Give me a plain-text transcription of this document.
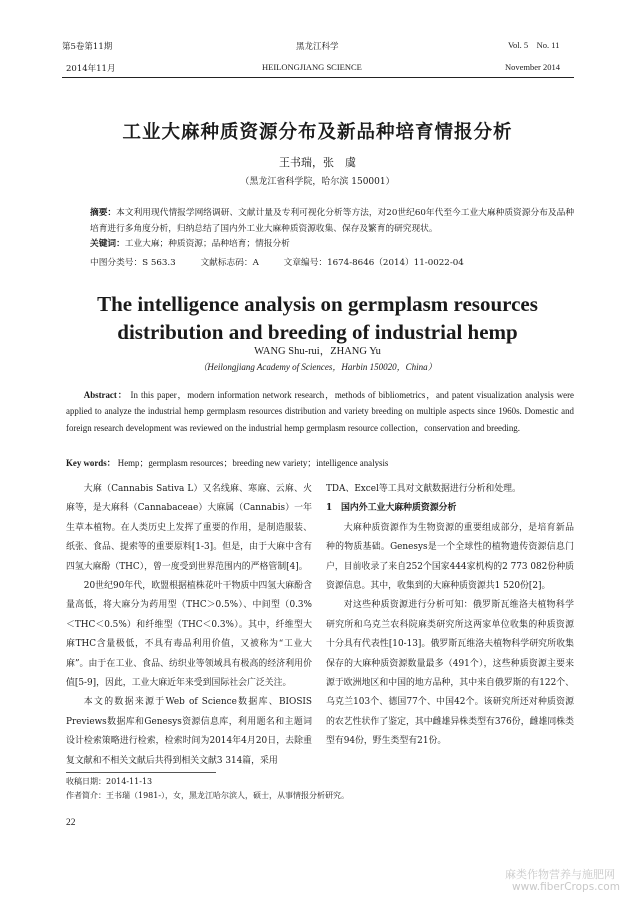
第5卷第11期
2014年11月
黑龙江科学
HEILONGJIANG SCIENCE
Vol. 5    No. 11
November 2014
工业大麻种质资源分布及新品种培育情报分析
王书瑞，张　虞
（黑龙江省科学院，哈尔滨 150001）
摘要：本文利用现代情报学网络调研、文献计量及专利可视化分析等方法，对20世纪60年代至今工业大麻种质资源分布及品种培育进行多角度分析，归纳总结了国内外工业大麻种质资源收集、保存及繁育的研究现状。
关键词：工业大麻；种质资源；品种培育；情报分析
中图分类号：S 563.3	文献标志码：A	文章编号：1674-8646（2014）11-0022-04
The intelligence analysis on germplasm resources
distribution and breeding of industrial hemp
WANG Shu-rui，ZHANG Yu
（Heilongjiang Academy of Sciences，Harbin 150020，China）
Abstract： In this paper，modern information network research，methods of bibliometrics，and patent visualization analysis were applied to analyze the industrial hemp germplasm resources distribution and variety breeding on multiple aspects since 1960s. Domestic and foreign research development was reviewed on the industrial hemp germplasm resource collection，conservation and breeding.
Key words： Hemp；germplasm resources；breeding new variety；intelligence analysis

大麻（Cannabis Sativa L）又名线麻、寒麻、云麻、火麻等，是大麻科（Cannabaceae）大麻属（Cannabis）一年生草本植物。在人类历史上发挥了重要的作用，是制造服装、纸张、食品、提索等的重要原料[1-3]。但是，由于大麻中含有四氢大麻酚（THC），曾一度受到世界范围内的严格管制[4]。

20世纪90年代，欧盟根据植株花叶干物质中四氢大麻酚含量高低，将大麻分为药用型（THC＞0.5%）、中间型（0.3%＜THC＜0.5%）和纤维型（THC＜0.3%）。其中，纤维型大麻THC含量极低，不具有毒品利用价值，又被称为“工业大麻”。由于在工业、食品、纺织业等领域具有极高的经济利用价值[5-9]，因此，工业大麻近年来受到国际社会广泛关注。

本文的数据来源于Web of Science数据库、BIOSIS Previews数据库和Genesys资源信息库，利用题名和主题词设计检索策略进行检索，检索时间为2014年4月20日，去除重复文献和不相关文献后共得到相关文献3 314篇，采用

TDA、Excel等工具对文献数据进行分析和处理。

1　国内外工业大麻种质资源分析

大麻种质资源作为生物资源的重要组成部分，是培育新品种的物质基础。Genesys是一个全球性的植物遗传资源信息门户，目前收录了来自252个国家444家机构的2 773 082份种质资源信息。其中，收集到的大麻种质资源共1 520份[2]。

对这些种质资源进行分析可知：俄罗斯瓦维洛夫植物科学研究所和乌克兰农科院麻类研究所这两家单位收集的种质资源十分具有代表性[10-13]。俄罗斯瓦维洛夫植物科学研究所收集保存的大麻种质资源数量最多（491个），这些种质资源主要来源于欧洲地区和中国的地方品种，其中来自俄罗斯的有122个、乌克兰103个、德国77个、中国42个。该研究所还对种质资源的农艺性状作了鉴定，其中雌雄异株类型有376份，雌雄同株类型有94份，野生类型有21份。

收稿日期：2014-11-13
作者简介：王书瑞（1981-），女，黑龙江哈尔滨人，硕士，从事情报分析研究。
22
麻类作物营养与施肥网
www.fiberCrops.com
